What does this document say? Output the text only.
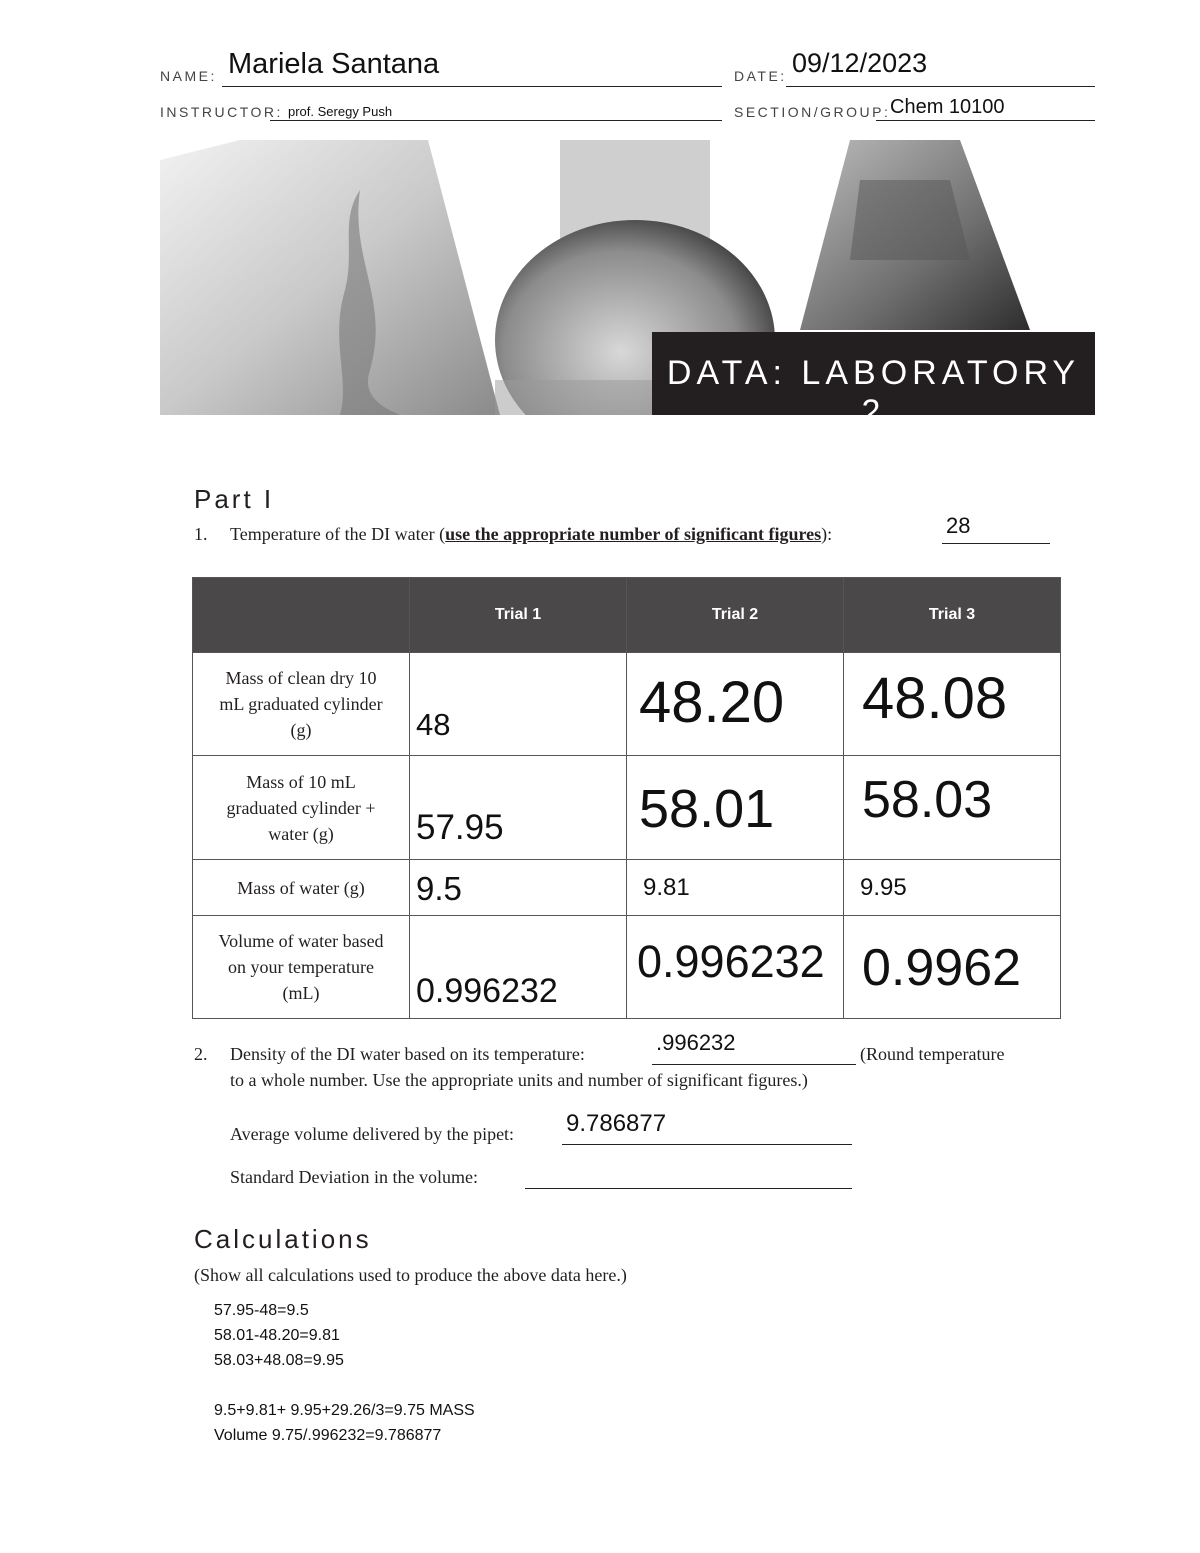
NAME: Mariela Santana	DATE: 09/12/2023
INSTRUCTOR: prof. Seregy Push	SECTION/GROUP: Chem 10100
DATA: LABORATORY 2
Part I
1. Temperature of the DI water (use the appropriate number of significant figures):	28
	Trial 1	Trial 2	Trial 3

Mass of clean dry 10 mL graduated cylinder (g)	48	48.20	48.08

Mass of 10 mL graduated cylinder + water (g)	57.95	58.01	58.03

Mass of water (g)	9.5	9.81	9.95

Volume of water based on your temperature (mL)	0.996232	0.996232	0.9962
2. Density of the DI water based on its temperature:	.996232	(Round temperature
to a whole number. Use the appropriate units and number of significant figures.)
Average volume delivered by the pipet: 9.786877
Standard Deviation in the volume:
Calculations
(Show all calculations used to produce the above data here.)
57.95-48=9.5
58.01-48.20=9.81
58.03+48.08=9.95
9.5+9.81+ 9.95+29.26/3=9.75 MASS
Volume 9.75/.996232=9.786877
